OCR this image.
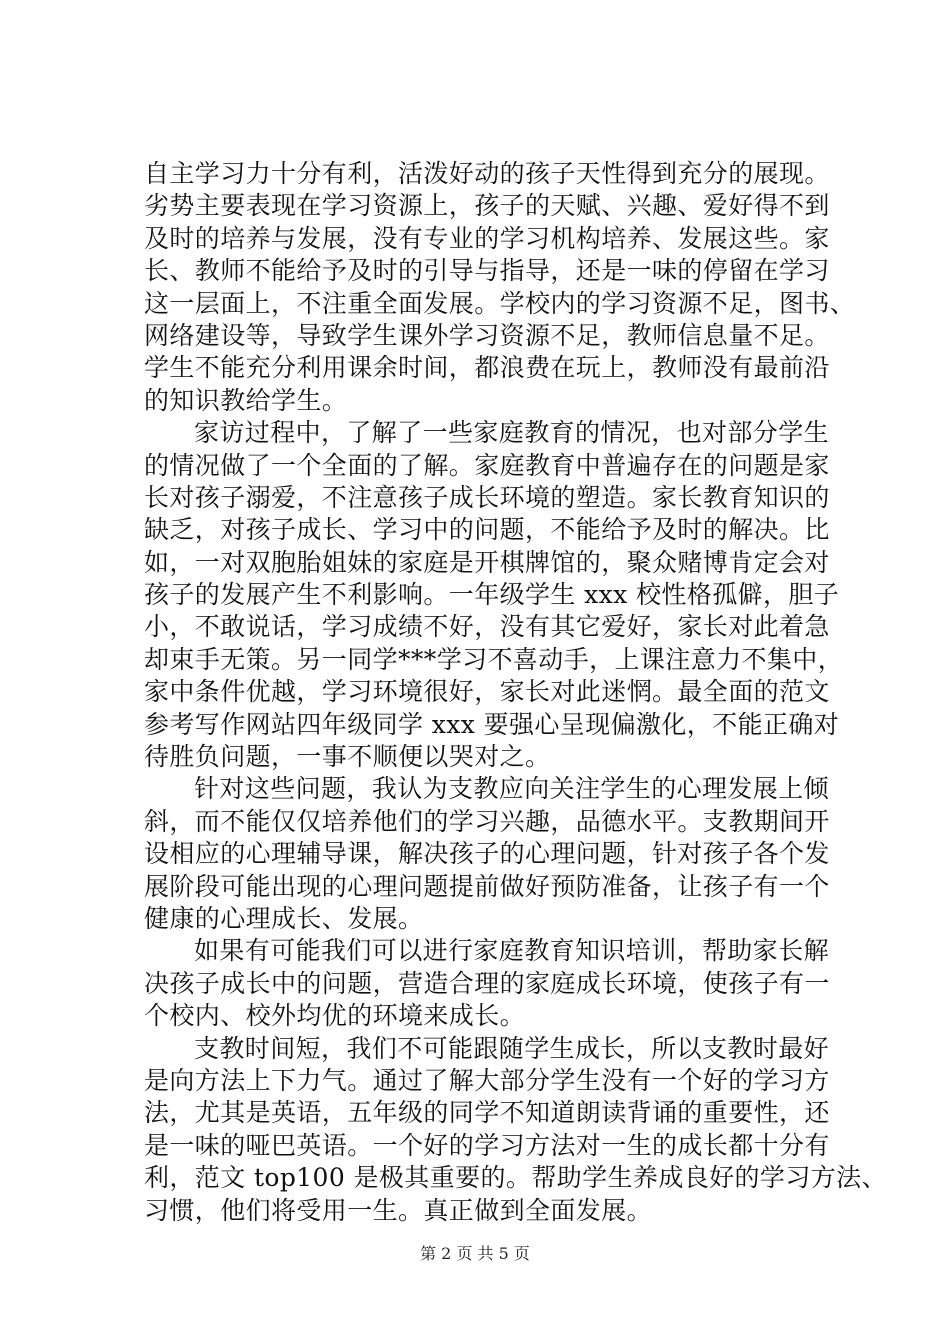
自主学习力十分有利，活泼好动的孩子天性得到充分的展现。
劣势主要表现在学习资源上，孩子的天赋、兴趣、爱好得不到
及时的培养与发展，没有专业的学习机构培养、发展这些。家
长、教师不能给予及时的引导与指导，还是一味的停留在学习
这一层面上，不注重全面发展。学校内的学习资源不足，图书、
网络建设等，导致学生课外学习资源不足，教师信息量不足。
学生不能充分利用课余时间，都浪费在玩上，教师没有最前沿
的知识教给学生。
家访过程中，了解了一些家庭教育的情况，也对部分学生
的情况做了一个全面的了解。家庭教育中普遍存在的问题是家
长对孩子溺爱，不注意孩子成长环境的塑造。家长教育知识的
缺乏，对孩子成长、学习中的问题，不能给予及时的解决。比
如，一对双胞胎姐妹的家庭是开棋牌馆的，聚众赌博肯定会对
孩子的发展产生不利影响。一年级学生 xxx 校性格孤僻，胆子
小，不敢说话，学习成绩不好，没有其它爱好，家长对此着急
却束手无策。另一同学***学习不喜动手，上课注意力不集中，
家中条件优越，学习环境很好，家长对此迷惘。最全面的范文
参考写作网站四年级同学 xxx 要强心呈现偏激化，不能正确对
待胜负问题，一事不顺便以哭对之。
针对这些问题，我认为支教应向关注学生的心理发展上倾
斜，而不能仅仅培养他们的学习兴趣，品德水平。支教期间开
设相应的心理辅导课，解决孩子的心理问题，针对孩子各个发
展阶段可能出现的心理问题提前做好预防准备，让孩子有一个
健康的心理成长、发展。
如果有可能我们可以进行家庭教育知识培训，帮助家长解
决孩子成长中的问题，营造合理的家庭成长环境，使孩子有一
个校内、校外均优的环境来成长。
支教时间短，我们不可能跟随学生成长，所以支教时最好
是向方法上下力气。通过了解大部分学生没有一个好的学习方
法，尤其是英语，五年级的同学不知道朗读背诵的重要性，还
是一味的哑巴英语。一个好的学习方法对一生的成长都十分有
利，范文 top100 是极其重要的。帮助学生养成良好的学习方法、
习惯，他们将受用一生。真正做到全面发展。
第 2 页 共 5 页
